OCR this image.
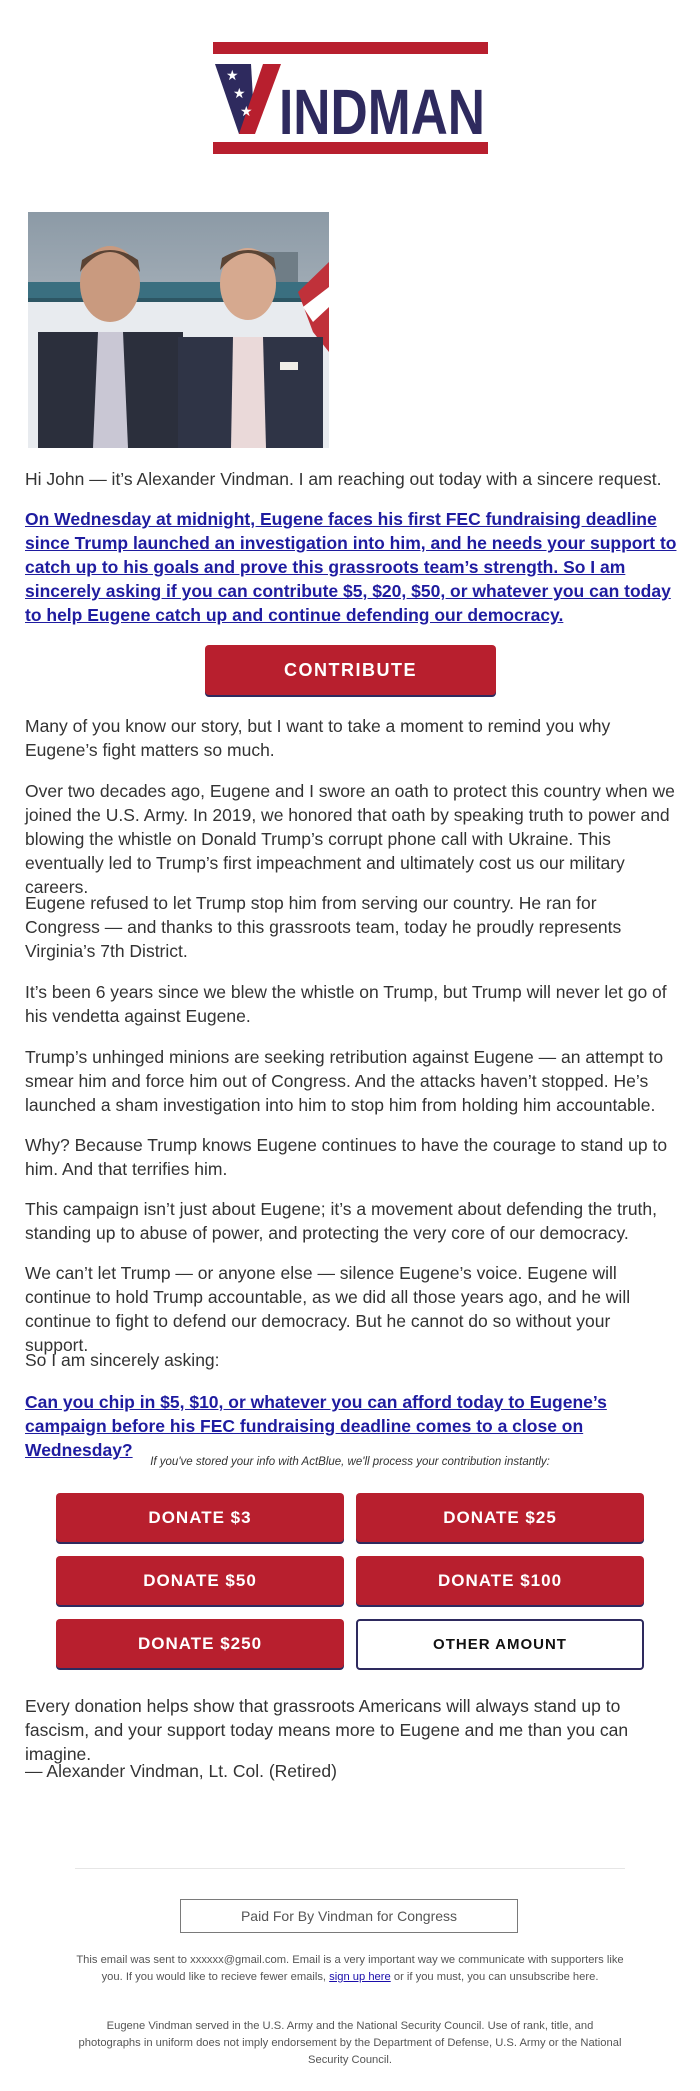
★
★
★ INDMAN

Hi John — it’s Alexander Vindman. I am reaching out today with a sincere request.

On Wednesday at midnight, Eugene faces his first FEC fundraising deadline since Trump launched an investigation into him, and he needs your support to catch up to his goals and prove this grassroots team’s strength. So I am sincerely asking if you can contribute $5, $20, $50, or whatever you can today to help Eugene catch up and continue defending our democracy.

CONTRIBUTE

Many of you know our story, but I want to take a moment to remind you why Eugene’s fight matters so much.

Over two decades ago, Eugene and I swore an oath to protect this country when we joined the U.S. Army. In 2019, we honored that oath by speaking truth to power and blowing the whistle on Donald Trump’s corrupt phone call with Ukraine. This eventually led to Trump’s first impeachment and ultimately cost us our military careers.

Eugene refused to let Trump stop him from serving our country. He ran for Congress — and thanks to this grassroots team, today he proudly represents Virginia’s 7th District.

It’s been 6 years since we blew the whistle on Trump, but Trump will never let go of his vendetta against Eugene.

Trump’s unhinged minions are seeking retribution against Eugene — an attempt to smear him and force him out of Congress. And the attacks haven’t stopped. He’s launched a sham investigation into him to stop him from holding him accountable.

Why? Because Trump knows Eugene continues to have the courage to stand up to him. And that terrifies him.

This campaign isn’t just about Eugene; it’s a movement about defending the truth, standing up to abuse of power, and protecting the very core of our democracy.

We can’t let Trump — or anyone else — silence Eugene’s voice. Eugene will continue to hold Trump accountable, as we did all those years ago, and he will continue to fight to defend our democracy. But he cannot do so without your support.

So I am sincerely asking:

Can you chip in $5, $10, or whatever you can afford today to Eugene’s campaign before his FEC fundraising deadline comes to a close on Wednesday?

If you've stored your info with ActBlue, we'll process your contribution instantly:
DONATE $3	DONATE $25
DONATE $50	DONATE $100
DONATE $250	OTHER AMOUNT

Every donation helps show that grassroots Americans will always stand up to fascism, and your support today means more to Eugene and me than you can imagine.

— Alexander Vindman, Lt. Col. (Retired)

Paid For By Vindman for Congress

This email was sent to xxxxxx@gmail.com. Email is a very important way we communicate with supporters like you. If you would like to recieve fewer emails, sign up here or if you must, you can unsubscribe here.

Eugene Vindman served in the U.S. Army and the National Security Council. Use of rank, title, and photographs in uniform does not imply endorsement by the Department of Defense, U.S. Army or the National Security Council.
